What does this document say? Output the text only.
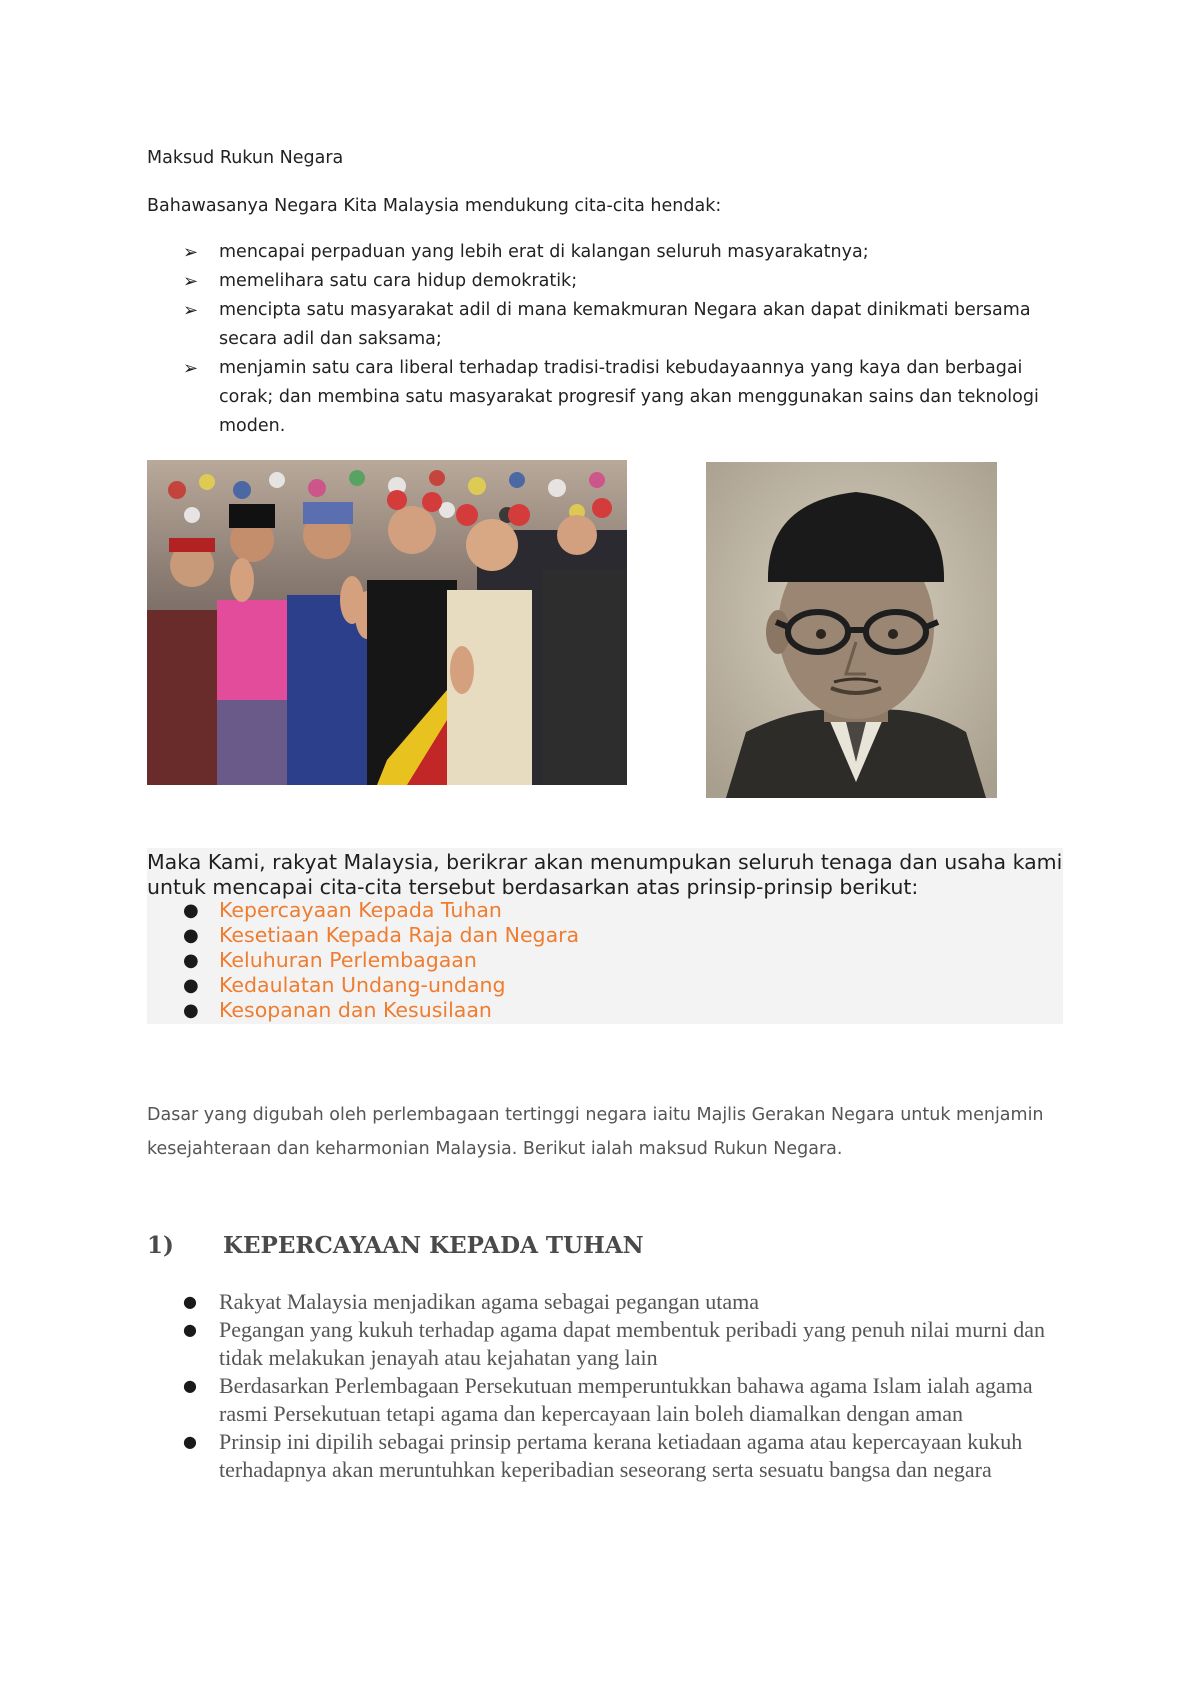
Maksud Rukun Negara
Bahawasanya Negara Kita Malaysia mendukung cita-cita hendak:
➢ mencapai perpaduan yang lebih erat di kalangan seluruh masyarakatnya;
➢ memelihara satu cara hidup demokratik;
➢ mencipta satu masyarakat adil di mana kemakmuran Negara akan dapat dinikmati bersama secara adil dan saksama;
➢ menjamin satu cara liberal terhadap tradisi-tradisi kebudayaannya yang kaya dan berbagai corak; dan membina satu masyarakat progresif yang akan menggunakan sains dan teknologi moden.
Maka Kami, rakyat Malaysia, berikrar akan menumpukan seluruh tenaga dan usaha kami untuk mencapai cita-cita tersebut berdasarkan atas prinsip-prinsip berikut:
● Kepercayaan Kepada Tuhan
● Kesetiaan Kepada Raja dan Negara
● Keluhuran Perlembagaan
● Kedaulatan Undang-undang
● Kesopanan dan Kesusilaan
Dasar yang digubah oleh perlembagaan tertinggi negara iaitu Majlis Gerakan Negara untuk menjamin kesejahteraan dan keharmonian Malaysia. Berikut ialah maksud Rukun Negara.
1) KEPERCAYAAN KEPADA TUHAN
● Rakyat Malaysia menjadikan agama sebagai pegangan utama
● Pegangan yang kukuh terhadap agama dapat membentuk peribadi yang penuh nilai murni dan tidak melakukan jenayah atau kejahatan yang lain
● Berdasarkan Perlembagaan Persekutuan memperuntukkan bahawa agama Islam ialah agama rasmi Persekutuan tetapi agama dan kepercayaan lain boleh diamalkan dengan aman
● Prinsip ini dipilih sebagai prinsip pertama kerana ketiadaan agama atau kepercayaan kukuh terhadapnya akan meruntuhkan keperibadian seseorang serta sesuatu bangsa dan negara
